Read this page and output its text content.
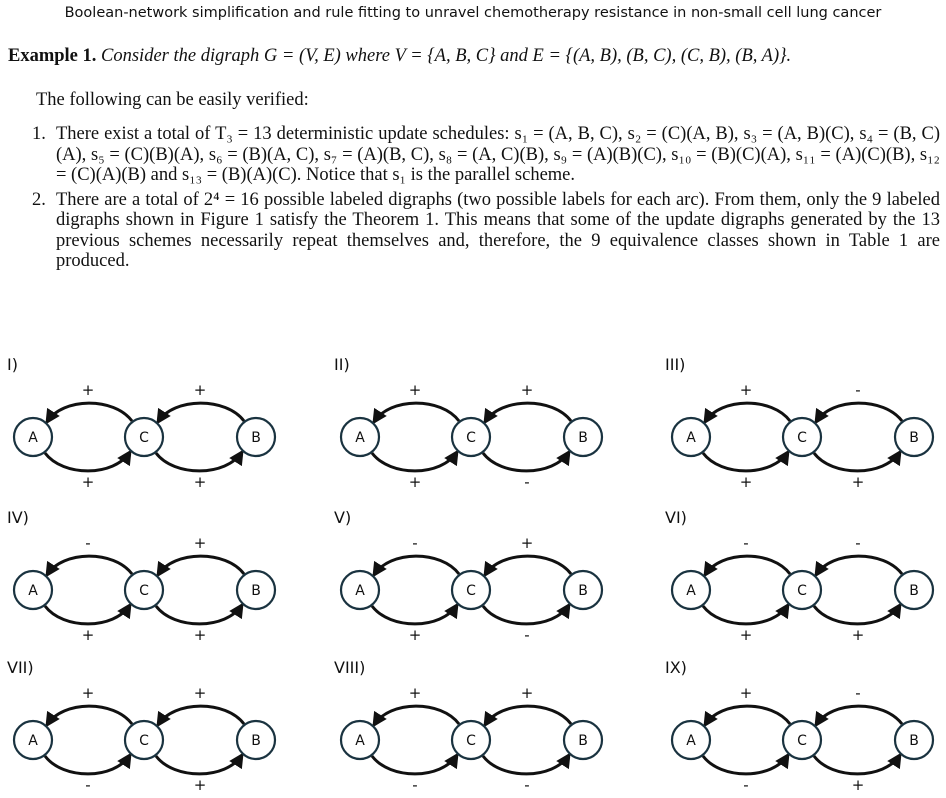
Boolean-network simplification and rule fitting to unravel chemotherapy resistance in non-small cell lung cancer
Example 1. Consider the digraph G = (V, E) where V = {A, B, C} and E = {(A, B), (B, C), (C, B), (B, A)}.
The following can be easily verified:
1. There exist a total of T₃ = 13 deterministic update schedules: s₁ = (A, B, C), s₂ = (C)(A, B), s₃ = (A, B)(C), s₄ = (B, C)(A), s₅ = (C)(B)(A), s₆ = (B)(A, C), s₇ = (A)(B, C), s₈ = (A, C)(B), s₉ = (A)(B)(C), s₁₀ = (B)(C)(A), s₁₁ = (A)(C)(B), s₁₂ = (C)(A)(B) and s₁₃ = (B)(A)(C). Notice that s₁ is the parallel scheme.
2. There are a total of 2⁴ = 16 possible labeled digraphs (two possible labels for each arc). From them, only the 9 labeled digraphs shown in Figure 1 satisfy the Theorem 1. This means that some of the update digraphs generated by the 13 previous schemes necessarily repeat themselves and, therefore, the 9 equivalence classes shown in Table 1 are produced.
I)
+	+
+	+
A	C	B
II)
+	+
+	-
A	C	B
III)
+	-
+	+
A	C	B
IV)
-	+
+	+
A	C	B
V)
-	+
+	-
A	C	B
VI)
-	-
+	+
A	C	B
VII)
+	+
-	+
A	C	B
VIII)
+	+
-	-
A	C	B
IX)
+	-
-	+
A	C	B
